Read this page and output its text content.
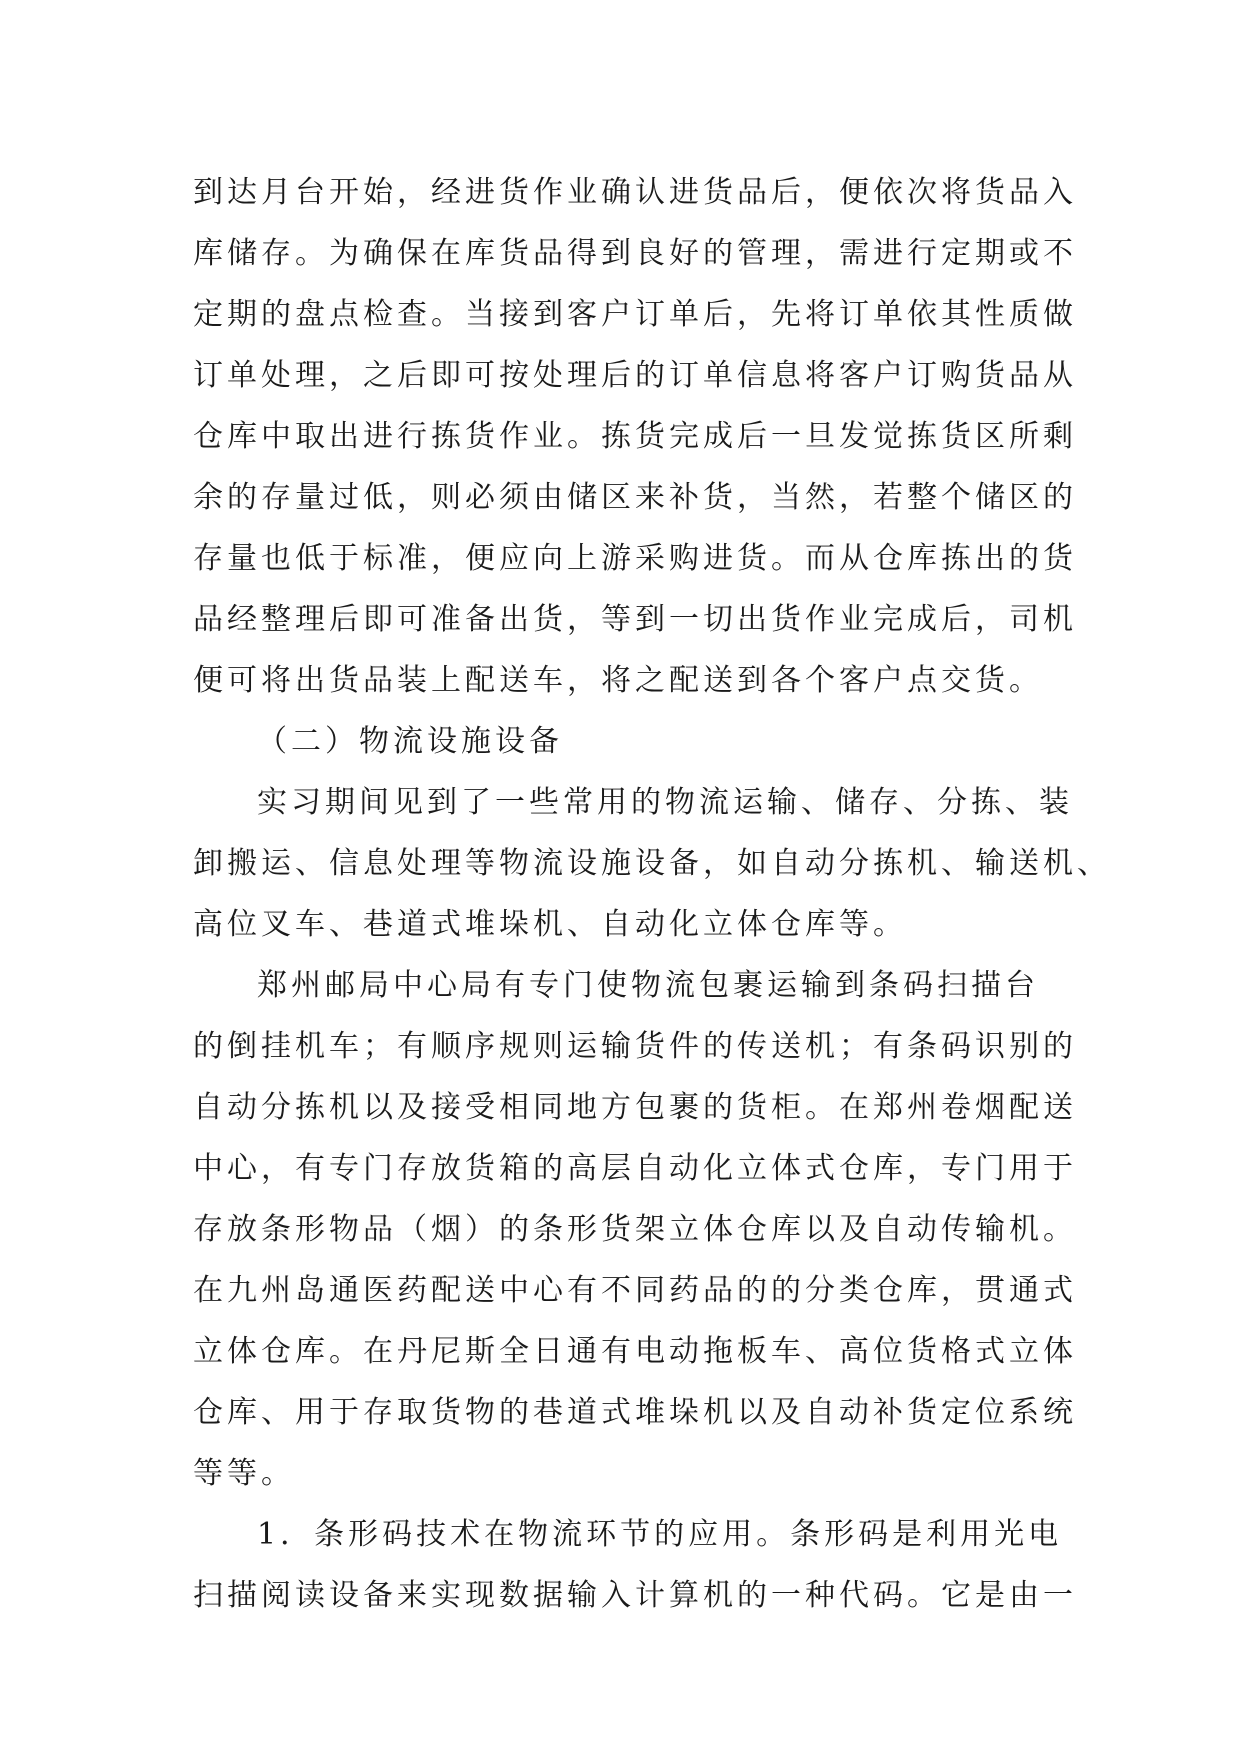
到达月台开始，经进货作业确认进货品后，便依次将货品入
库储存。为确保在库货品得到良好的管理，需进行定期或不
定期的盘点检查。当接到客户订单后，先将订单依其性质做
订单处理，之后即可按处理后的订单信息将客户订购货品从
仓库中取出进行拣货作业。拣货完成后一旦发觉拣货区所剩
余的存量过低，则必须由储区来补货，当然，若整个储区的
存量也低于标准，便应向上游采购进货。而从仓库拣出的货
品经整理后即可准备出货，等到一切出货作业完成后，司机
便可将出货品装上配送车，将之配送到各个客户点交货。
（二）物流设施设备
实习期间见到了一些常用的物流运输、储存、分拣、装
卸搬运、信息处理等物流设施设备，如自动分拣机、输送机、
高位叉车、巷道式堆垛机、自动化立体仓库等。
郑州邮局中心局有专门使物流包裹运输到条码扫描台
的倒挂机车；有顺序规则运输货件的传送机；有条码识别的
自动分拣机以及接受相同地方包裹的货柜。在郑州卷烟配送
中心，有专门存放货箱的高层自动化立体式仓库，专门用于
存放条形物品（烟）的条形货架立体仓库以及自动传输机。
在九州岛通医药配送中心有不同药品的的分类仓库，贯通式
立体仓库。在丹尼斯全日通有电动拖板车、高位货格式立体
仓库、用于存取货物的巷道式堆垛机以及自动补货定位系统
等等。
1．条形码技术在物流环节的应用。条形码是利用光电
扫描阅读设备来实现数据输入计算机的一种代码。它是由一
